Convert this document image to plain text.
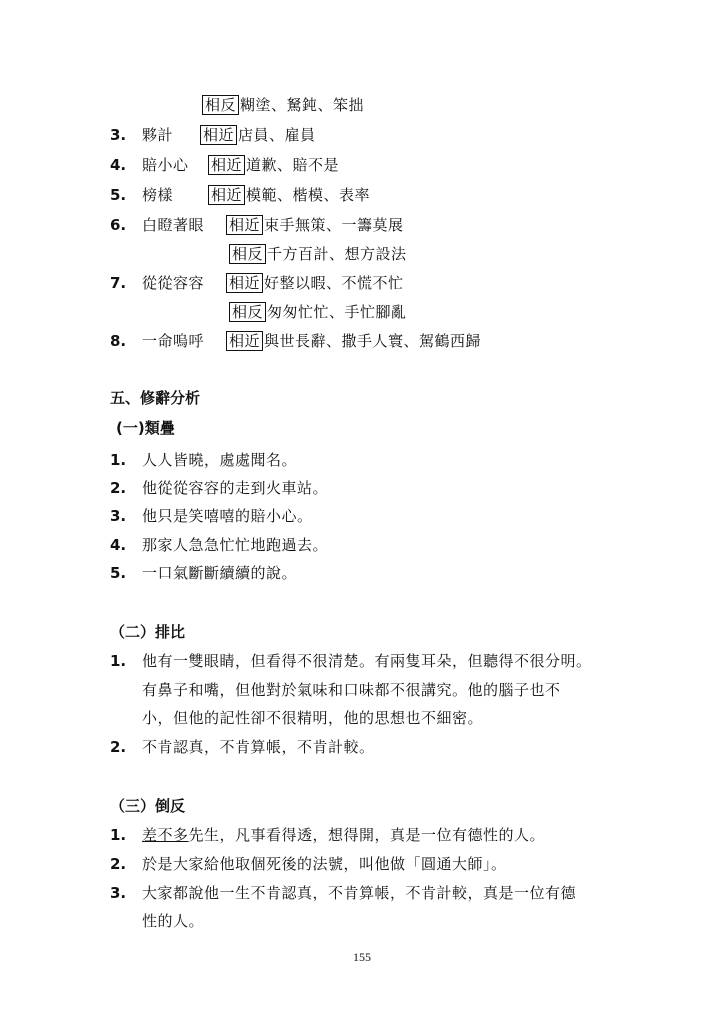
相反 糊塗、駑鈍、笨拙
3. 夥計 相近 店員、雇員
4. 賠小心 相近 道歉、賠不是
5. 榜樣	相近 模範、楷模、表率
6. 白瞪著眼 相近 束手無策、一籌莫展
相反 千方百計、想方設法
7. 從從容容 相近 好整以暇、不慌不忙
相反 匆匆忙忙、手忙腳亂
8. 一命嗚呼 相近 與世長辭、撒手人寰、駕鶴西歸
五、修辭分析
(一)類疊
1. 人人皆曉，處處聞名。
2. 他從從容容的走到火車站。
3. 他只是笑嘻嘻的賠小心。
4. 那家人急急忙忙地跑過去。
5. 一口氣斷斷續續的說。
（二）排比
1. 他有一雙眼睛，但看得不很清楚。有兩隻耳朵，但聽得不很分明。
有鼻子和嘴，但他對於氣味和口味都不很講究。他的腦子也不
小，但他的記性卻不很精明，他的思想也不細密。
2. 不肯認真，不肯算帳，不肯計較。
（三）倒反
1. 差不多先生，凡事看得透，想得開，真是一位有德性的人。
2. 於是大家給他取個死後的法號，叫他做「圓通大師」。
3. 大家都說他一生不肯認真，不肯算帳，不肯計較，真是一位有德
性的人。
155
